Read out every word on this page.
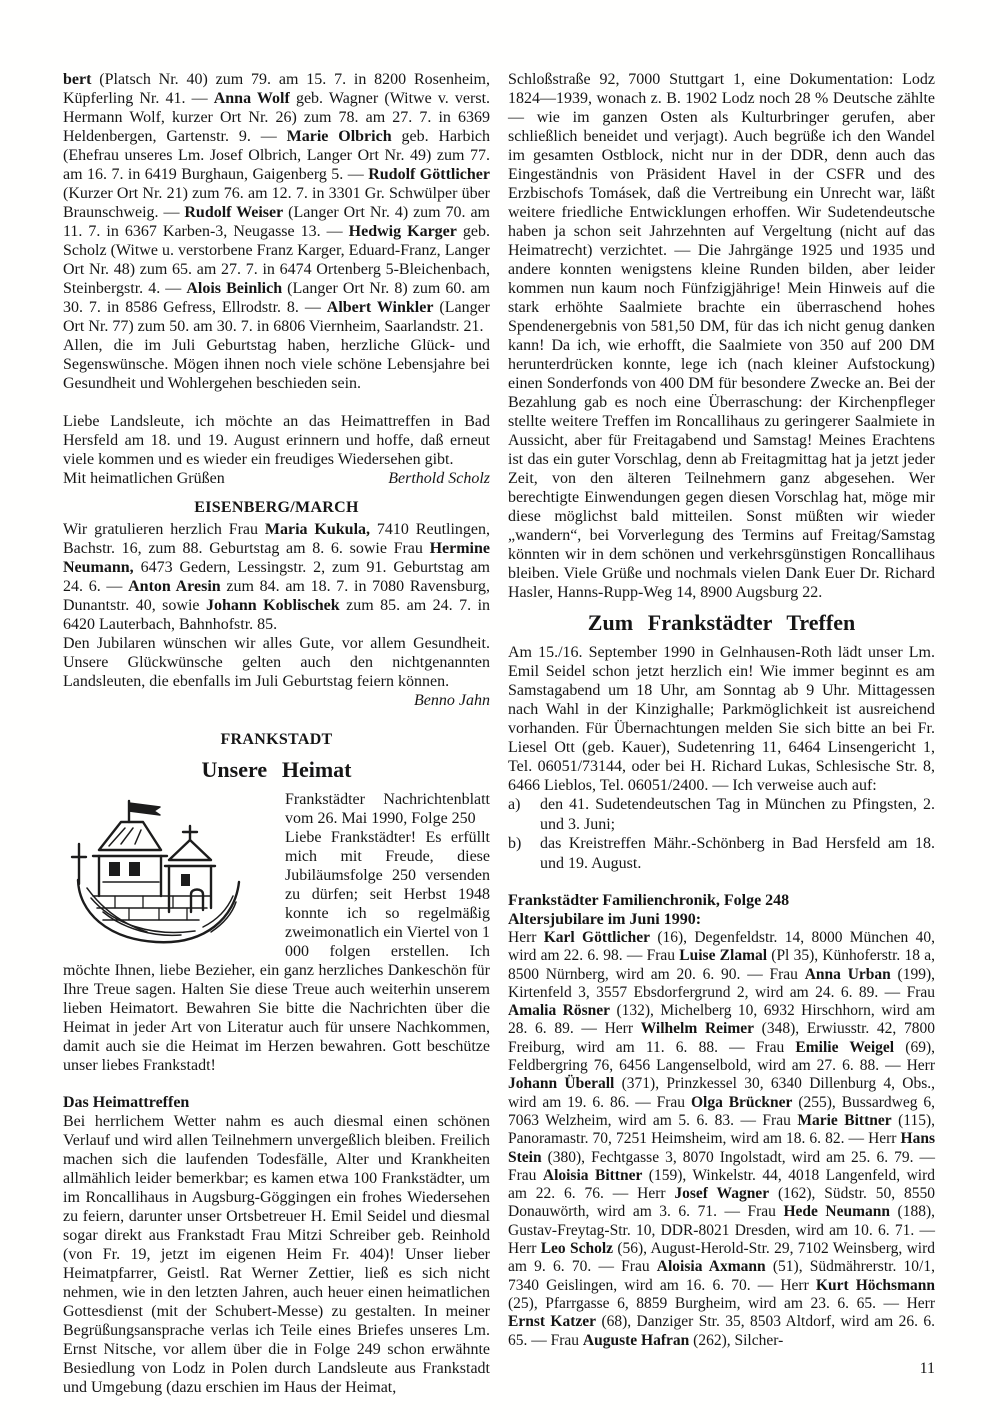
bert (Platsch Nr. 40) zum 79. am 15. 7. in 8200 Rosenheim, Küpferling Nr. 41. — Anna Wolf geb. Wagner (Witwe v. verst. Hermann Wolf, kurzer Ort Nr. 26) zum 78. am 27. 7. in 6369 Heldenbergen, Gartenstr. 9. — Marie Olbrich geb. Harbich (Ehefrau unseres Lm. Josef Olbrich, Langer Ort Nr. 49) zum 77. am 16. 7. in 6419 Burghaun, Gaigenberg 5. — Rudolf Göttlicher (Kurzer Ort Nr. 21) zum 76. am 12. 7. in 3301 Gr. Schwülper über Braunschweig. — Rudolf Weiser (Langer Ort Nr. 4) zum 70. am 11. 7. in 6367 Karben-3, Neugasse 13. — Hedwig Karger geb. Scholz (Witwe u. verstorbene Franz Karger, Eduard-Franz, Langer Ort Nr. 48) zum 65. am 27. 7. in 6474 Ortenberg 5-Bleichenbach, Steinbergstr. 4. — Alois Beinlich (Langer Ort Nr. 8) zum 60. am 30. 7. in 8586 Gefress, Ellrodstr. 8. — Albert Winkler (Langer Ort Nr. 77) zum 50. am 30. 7. in 6806 Viernheim, Saarlandstr. 21.

Allen, die im Juli Geburtstag haben, herzliche Glück- und Segenswünsche. Mögen ihnen noch viele schöne Lebensjahre bei Gesundheit und Wohlergehen beschieden sein.

Liebe Landsleute, ich möchte an das Heimattreffen in Bad Hersfeld am 18. und 19. August erinnern und hoffe, daß erneut viele kommen und es wieder ein freudiges Wiedersehen gibt.

Mit heimatlichen Grüßen	Berthold Scholz

EISENBERG/MARCH

Wir gratulieren herzlich Frau Maria Kukula, 7410 Reutlingen, Bachstr. 16, zum 88. Geburtstag am 8. 6. sowie Frau Hermine Neumann, 6473 Gedern, Lessingstr. 2, zum 91. Geburtstag am 24. 6. — Anton Aresin zum 84. am 18. 7. in 7080 Ravensburg, Dunantstr. 40, sowie Johann Koblischek zum 85. am 24. 7. in 6420 Lauterbach, Bahnhofstr. 85.

Den Jubilaren wünschen wir alles Gute, vor allem Gesundheit. Unsere Glückwünsche gelten auch den nichtgenannten Landsleuten, die ebenfalls im Juli Geburtstag feiern können.

Benno Jahn

FRANKSTADT
Unsere Heimat

Frankstädter Nachrichtenblatt vom 26. Mai 1990, Folge 250

Liebe Frankstädter! Es erfüllt mich mit Freude, diese Jubiläumsfolge 250 versenden zu dürfen; seit Herbst 1948 konnte ich so regelmäßig zweimonatlich ein Viertel von 1 000 folgen erstellen. Ich möchte Ihnen, liebe Bezieher, ein ganz herzliches Dankeschön für Ihre Treue sagen. Halten Sie diese Treue auch weiterhin unserem lieben Heimatort. Bewahren Sie bitte die Nachrichten über die Heimat in jeder Art von Literatur auch für unsere Nachkommen, damit auch sie die Heimat im Herzen bewahren. Gott beschütze unser liebes Frankstadt!

Das Heimattreffen

Bei herrlichem Wetter nahm es auch diesmal einen schönen Verlauf und wird allen Teilnehmern unvergeßlich bleiben. Freilich machen sich die laufenden Todesfälle, Alter und Krankheiten allmählich leider bemerkbar; es kamen etwa 100 Frankstädter, um im Roncallihaus in Augsburg-Göggingen ein frohes Wiedersehen zu feiern, darunter unser Ortsbetreuer H. Emil Seidel und diesmal sogar direkt aus Frankstadt Frau Mitzi Schreiber geb. Reinhold (von Fr. 19, jetzt im eigenen Heim Fr. 404)! Unser lieber Heimatpfarrer, Geistl. Rat Werner Zettier, ließ es sich nicht nehmen, wie in den letzten Jahren, auch heuer einen heimatlichen Gottesdienst (mit der Schubert-Messe) zu gestalten. In meiner Begrüßungsansprache verlas ich Teile eines Briefes unseres Lm. Ernst Nitsche, vor allem über die in Folge 249 schon erwähnte Besiedlung von Lodz in Polen durch Landsleute aus Frankstadt und Umgebung (dazu erschien im Haus der Heimat,

Schloßstraße 92, 7000 Stuttgart 1, eine Dokumentation: Lodz 1824—1939, wonach z. B. 1902 Lodz noch 28 % Deutsche zählte — wie im ganzen Osten als Kulturbringer gerufen, aber schließlich beneidet und verjagt). Auch begrüße ich den Wandel im gesamten Ostblock, nicht nur in der DDR, denn auch das Eingeständnis von Präsident Havel in der CSFR und des Erzbischofs Tomásek, daß die Vertreibung ein Unrecht war, läßt weitere friedliche Entwicklungen erhoffen. Wir Sudetendeutsche haben ja schon seit Jahrzehnten auf Vergeltung (nicht auf das Heimatrecht) verzichtet. — Die Jahrgänge 1925 und 1935 und andere konnten wenigstens kleine Runden bilden, aber leider kommen nun kaum noch Fünfzigjährige! Mein Hinweis auf die stark erhöhte Saalmiete brachte ein überraschend hohes Spendenergebnis von 581,50 DM, für das ich nicht genug danken kann! Da ich, wie erhofft, die Saalmiete von 350 auf 200 DM herunterdrücken konnte, lege ich (nach kleiner Aufstockung) einen Sonderfonds von 400 DM für besondere Zwecke an. Bei der Bezahlung gab es noch eine Überraschung: der Kirchenpfleger stellte weitere Treffen im Roncallihaus zu geringerer Saalmiete in Aussicht, aber für Freitagabend und Samstag! Meines Erachtens ist das ein guter Vorschlag, denn ab Freitagmittag hat ja jetzt jeder Zeit, von den älteren Teilnehmern ganz abgesehen. Wer berechtigte Einwendungen gegen diesen Vorschlag hat, möge mir diese möglichst bald mitteilen. Sonst müßten wir wieder „wandern“, bei Vorverlegung des Termins auf Freitag/Samstag könnten wir in dem schönen und verkehrsgünstigen Roncallihaus bleiben. Viele Grüße und nochmals vielen Dank Euer Dr. Richard Hasler, Hanns-Rupp-Weg 14, 8900 Augsburg 22.

Zum Frankstädter Treffen

Am 15./16. September 1990 in Gelnhausen-Roth lädt unser Lm. Emil Seidel schon jetzt herzlich ein! Wie immer beginnt es am Samstagabend um 18 Uhr, am Sonntag ab 9 Uhr. Mittagessen nach Wahl in der Kinzighalle; Parkmöglichkeit ist ausreichend vorhanden. Für Übernachtungen melden Sie sich bitte an bei Fr. Liesel Ott (geb. Kauer), Sudetenring 11, 6464 Linsengericht 1, Tel. 06051/73144, oder bei H. Richard Lukas, Schlesische Str. 8, 6466 Lieblos, Tel. 06051/2400. — Ich verweise auch auf:

a)	den 41. Sudetendeutschen Tag in München zu Pfingsten, 2. und 3. Juni;

b)	das Kreistreffen Mähr.-Schönberg in Bad Hersfeld am 18. und 19. August.

Frankstädter Familienchronik, Folge 248

Altersjubilare im Juni 1990:

Herr Karl Göttlicher (16), Degenfeldstr. 14, 8000 München 40, wird am 22. 6. 98. — Frau Luise Zlamal (Pl 35), Künhoferstr. 18 a, 8500 Nürnberg, wird am 20. 6. 90. — Frau Anna Urban (199), Kirtenfeld 3, 3557 Ebsdorfergrund 2, wird am 24. 6. 89. — Frau Amalia Rösner (132), Michelberg 10, 6932 Hirschhorn, wird am 28. 6. 89. — Herr Wilhelm Reimer (348), Erwiusstr. 42, 7800 Freiburg, wird am 11. 6. 88. — Frau Emilie Weigel (69), Feldbergring 76, 6456 Langenselbold, wird am 27. 6. 88. — Herr Johann Überall (371), Prinzkessel 30, 6340 Dillenburg 4, Obs., wird am 19. 6. 86. — Frau Olga Brückner (255), Bussardweg 6, 7063 Welzheim, wird am 5. 6. 83. — Frau Marie Bittner (115), Panoramastr. 70, 7251 Heimsheim, wird am 18. 6. 82. — Herr Hans Stein (380), Fechtgasse 3, 8070 Ingolstadt, wird am 25. 6. 79. — Frau Aloisia Bittner (159), Winkelstr. 44, 4018 Langenfeld, wird am 22. 6. 76. — Herr Josef Wagner (162), Südstr. 50, 8550 Donauwörth, wird am 3. 6. 71. — Frau Hede Neumann (188), Gustav-Freytag-Str. 10, DDR-8021 Dresden, wird am 10. 6. 71. — Herr Leo Scholz (56), August-Herold-Str. 29, 7102 Weinsberg, wird am 9. 6. 70. — Frau Aloisia Axmann (51), Südmährerstr. 10/1, 7340 Geislingen, wird am 16. 6. 70. — Herr Kurt Höchsmann (25), Pfarrgasse 6, 8859 Burgheim, wird am 23. 6. 65. — Herr Ernst Katzer (68), Danziger Str. 35, 8503 Altdorf, wird am 26. 6. 65. — Frau Auguste Hafran (262), Silcher-

11
